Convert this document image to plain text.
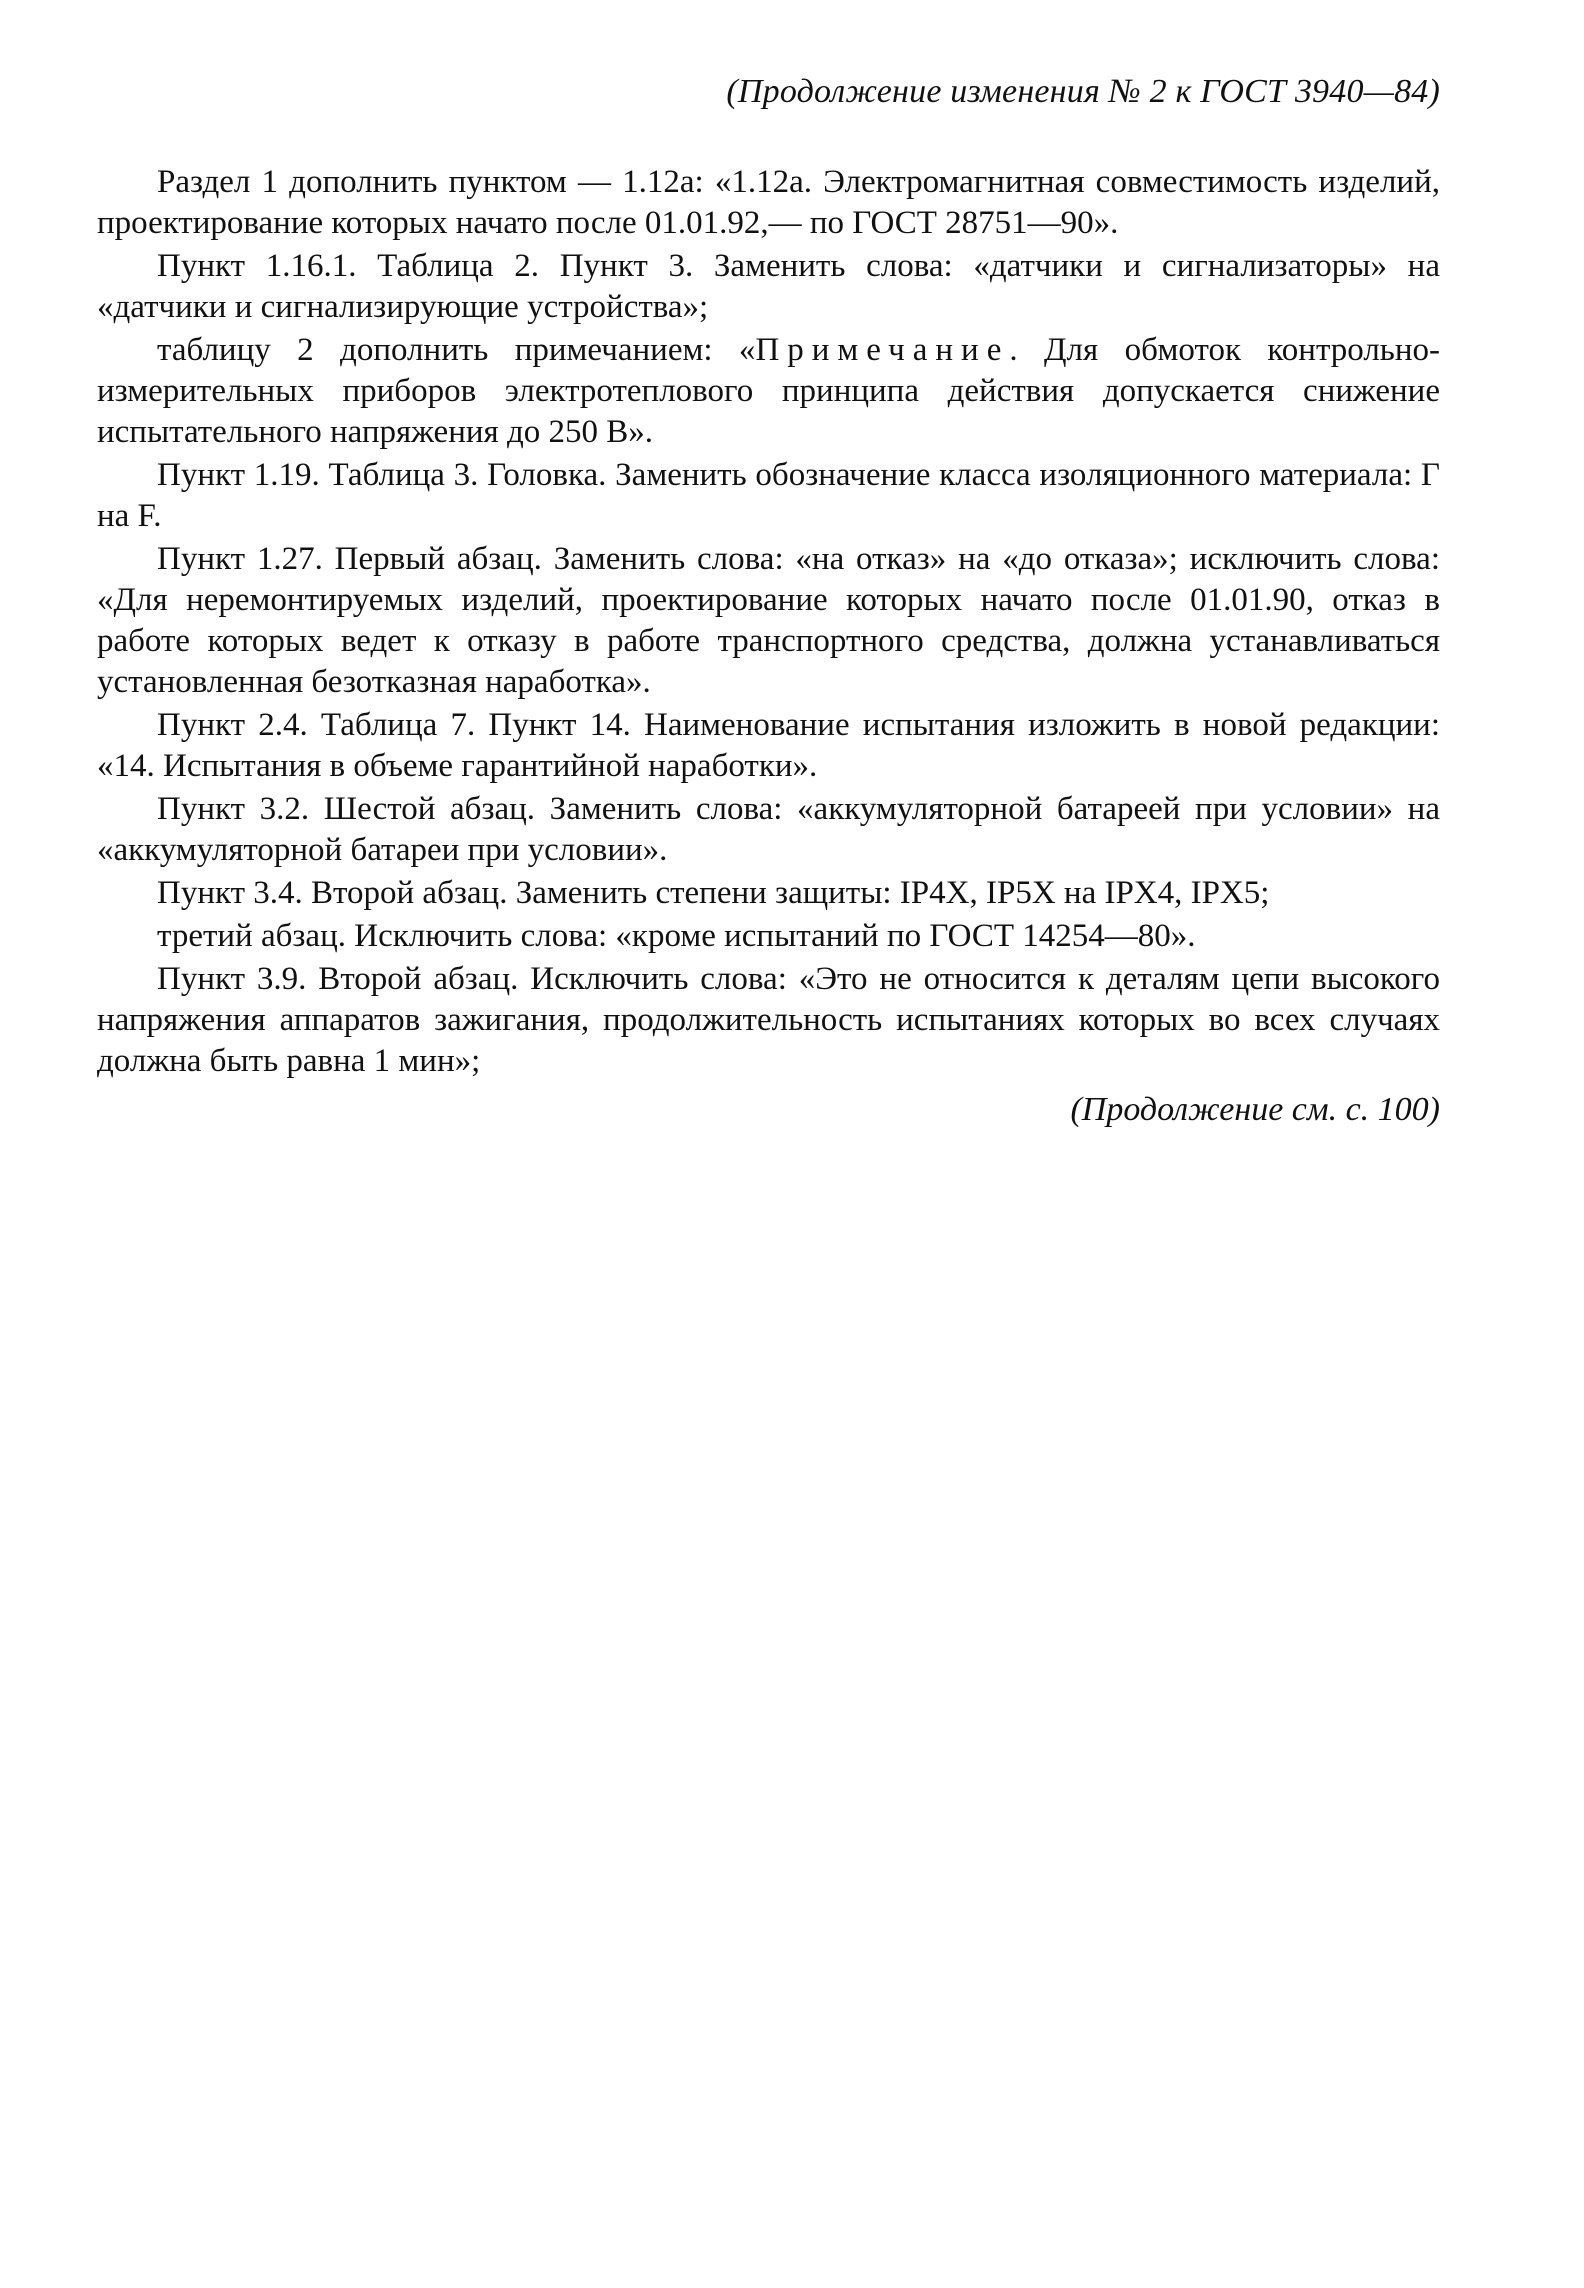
(Продолжение изменения № 2 к ГОСТ 3940—84)

Раздел 1 дополнить пунктом — 1.12а: «1.12а. Электромагнитная совместимость изделий, проектирование которых начато после 01.01.92,— по ГОСТ 28751—90».

Пункт 1.16.1. Таблица 2. Пункт 3. Заменить слова: «датчики и сигнализаторы» на «датчики и сигнализирующие устройства»;

таблицу 2 дополнить примечанием: «Примечание. Для обмоток контрольно-измерительных приборов электротеплового принципа действия допускается снижение испытательного напряжения до 250 В».

Пункт 1.19. Таблица 3. Головка. Заменить обозначение класса изоляционного материала: Г на F.

Пункт 1.27. Первый абзац. Заменить слова: «на отказ» на «до отказа»; исключить слова: «Для неремонтируемых изделий, проектирование которых начато после 01.01.90, отказ в работе которых ведет к отказу в работе транспортного средства, должна устанавливаться установленная безотказная наработка».

Пункт 2.4. Таблица 7. Пункт 14. Наименование испытания изложить в новой редакции: «14. Испытания в объеме гарантийной наработки».

Пункт 3.2. Шестой абзац. Заменить слова: «аккумуляторной батареей при условии» на «аккумуляторной батареи при условии».

Пункт 3.4. Второй абзац. Заменить степени защиты: IP4X, IP5X на IPX4, IPX5;

третий абзац. Исключить слова: «кроме испытаний по ГОСТ 14254—80».

Пункт 3.9. Второй абзац. Исключить слова: «Это не относится к деталям цепи высокого напряжения аппаратов зажигания, продолжительность испытаниях которых во всех случаях должна быть равна 1 мин»;

(Продолжение см. с. 100)
